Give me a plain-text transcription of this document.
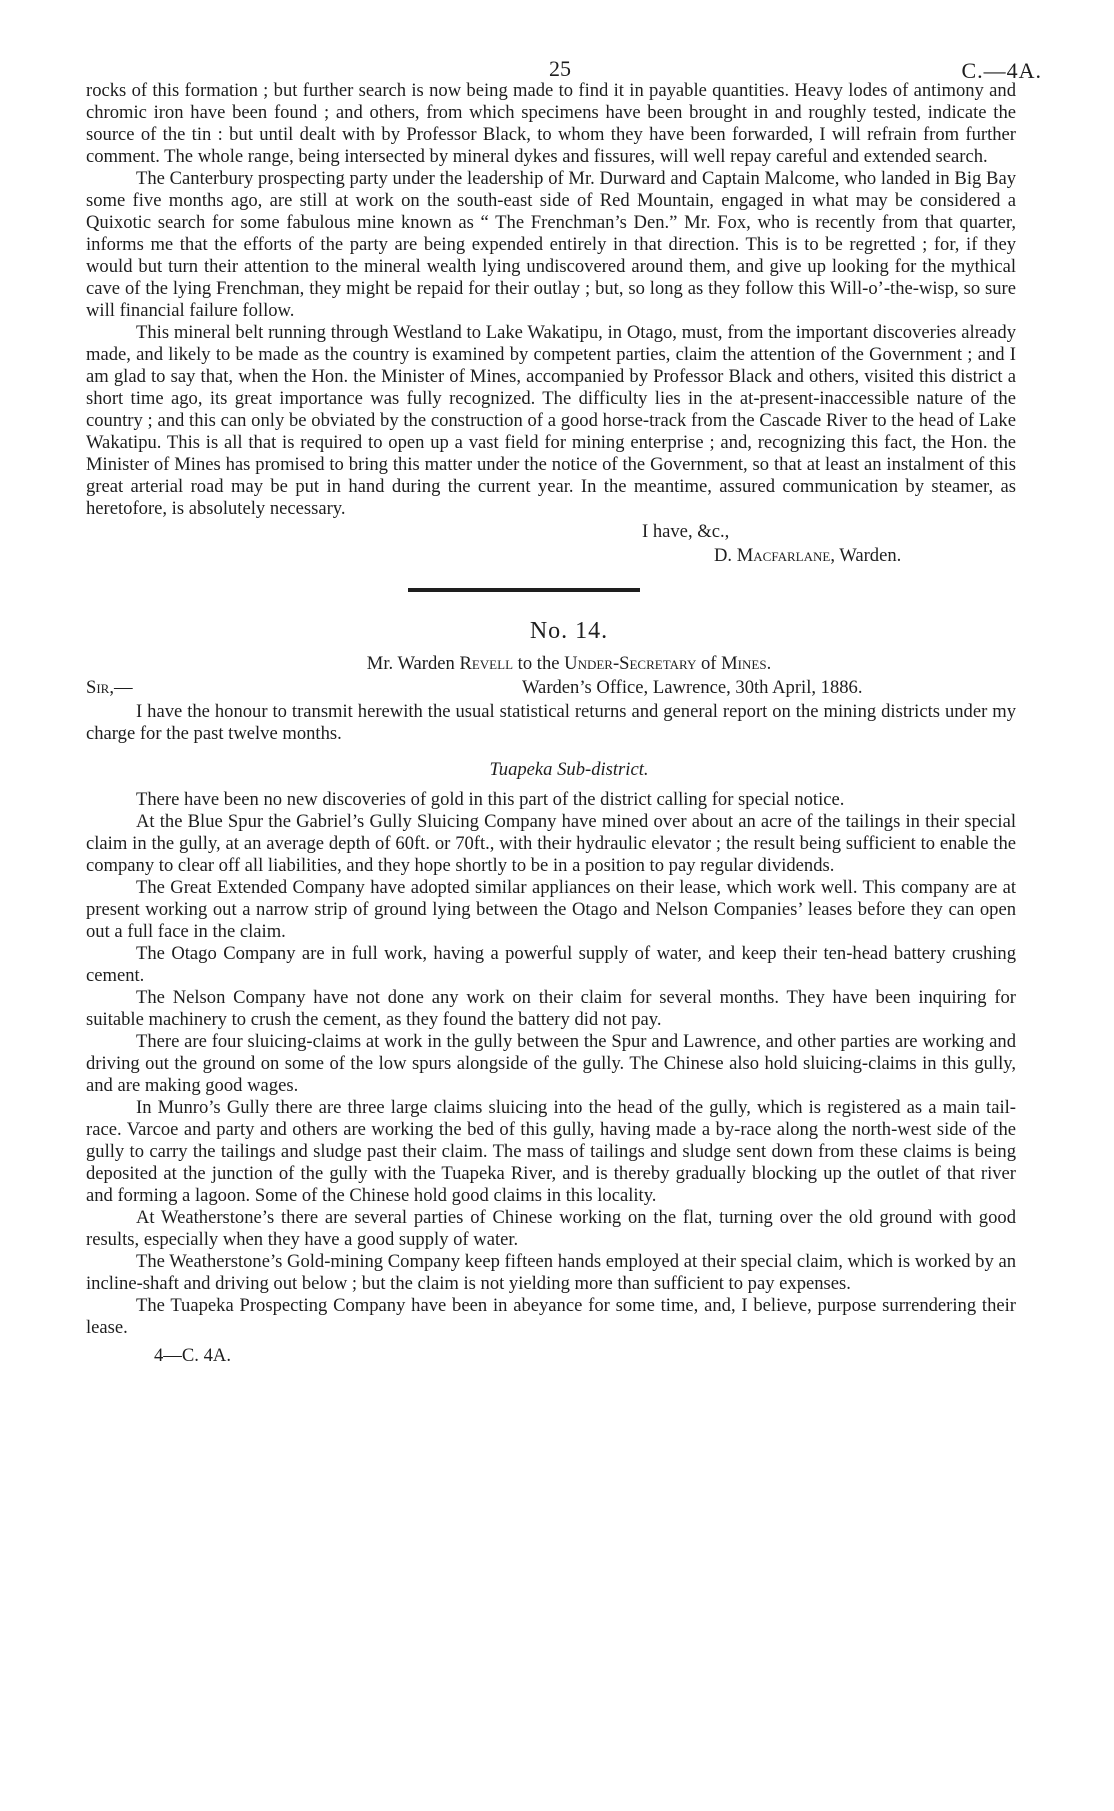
25	C.—4A.

rocks of this formation ; but further search is now being made to find it in payable quantities. Heavy lodes of antimony and chromic iron have been found ; and others, from which specimens have been brought in and roughly tested, indicate the source of the tin : but until dealt with by Professor Black, to whom they have been forwarded, I will refrain from further comment. The whole range, being intersected by mineral dykes and fissures, will well repay careful and extended search.

The Canterbury prospecting party under the leadership of Mr. Durward and Captain Malcome, who landed in Big Bay some five months ago, are still at work on the south-east side of Red Mountain, engaged in what may be considered a Quixotic search for some fabulous mine known as “ The Frenchman’s Den.” Mr. Fox, who is recently from that quarter, informs me that the efforts of the party are being expended entirely in that direction. This is to be regretted ; for, if they would but turn their attention to the mineral wealth lying undiscovered around them, and give up looking for the mythical cave of the lying Frenchman, they might be repaid for their outlay ; but, so long as they follow this Will-o’-the-wisp, so sure will financial failure follow.

This mineral belt running through Westland to Lake Wakatipu, in Otago, must, from the important discoveries already made, and likely to be made as the country is examined by competent parties, claim the attention of the Government ; and I am glad to say that, when the Hon. the Minister of Mines, accompanied by Professor Black and others, visited this district a short time ago, its great importance was fully recognized. The difficulty lies in the at-present-inaccessible nature of the country ; and this can only be obviated by the construction of a good horse-track from the Cascade River to the head of Lake Wakatipu. This is all that is required to open up a vast field for mining enterprise ; and, recognizing this fact, the Hon. the Minister of Mines has promised to bring this matter under the notice of the Government, so that at least an instalment of this great arterial road may be put in hand during the current year. In the meantime, assured communication by steamer, as heretofore, is absolutely necessary.

I have, &c.,
D. Macfarlane, Warden.
No. 14.
Mr. Warden Revell to the Under-Secretary of Mines.
Sir,—	Warden’s Office, Lawrence, 30th April, 1886.

I have the honour to transmit herewith the usual statistical returns and general report on the mining districts under my charge for the past twelve months.

Tuapeka Sub-district.

There have been no new discoveries of gold in this part of the district calling for special notice.

At the Blue Spur the Gabriel’s Gully Sluicing Company have mined over about an acre of the tailings in their special claim in the gully, at an average depth of 60ft. or 70ft., with their hydraulic elevator ; the result being sufficient to enable the company to clear off all liabilities, and they hope shortly to be in a position to pay regular dividends.

The Great Extended Company have adopted similar appliances on their lease, which work well. This company are at present working out a narrow strip of ground lying between the Otago and Nelson Companies’ leases before they can open out a full face in the claim.

The Otago Company are in full work, having a powerful supply of water, and keep their ten-head battery crushing cement.

The Nelson Company have not done any work on their claim for several months. They have been inquiring for suitable machinery to crush the cement, as they found the battery did not pay.

There are four sluicing-claims at work in the gully between the Spur and Lawrence, and other parties are working and driving out the ground on some of the low spurs alongside of the gully. The Chinese also hold sluicing-claims in this gully, and are making good wages.

In Munro’s Gully there are three large claims sluicing into the head of the gully, which is registered as a main tail-race. Varcoe and party and others are working the bed of this gully, having made a by-race along the north-west side of the gully to carry the tailings and sludge past their claim. The mass of tailings and sludge sent down from these claims is being deposited at the junction of the gully with the Tuapeka River, and is thereby gradually blocking up the outlet of that river and forming a lagoon. Some of the Chinese hold good claims in this locality.

At Weatherstone’s there are several parties of Chinese working on the flat, turning over the old ground with good results, especially when they have a good supply of water.

The Weatherstone’s Gold-mining Company keep fifteen hands employed at their special claim, which is worked by an incline-shaft and driving out below ; but the claim is not yielding more than sufficient to pay expenses.

The Tuapeka Prospecting Company have been in abeyance for some time, and, I believe, purpose surrendering their lease.

4—C. 4A.
